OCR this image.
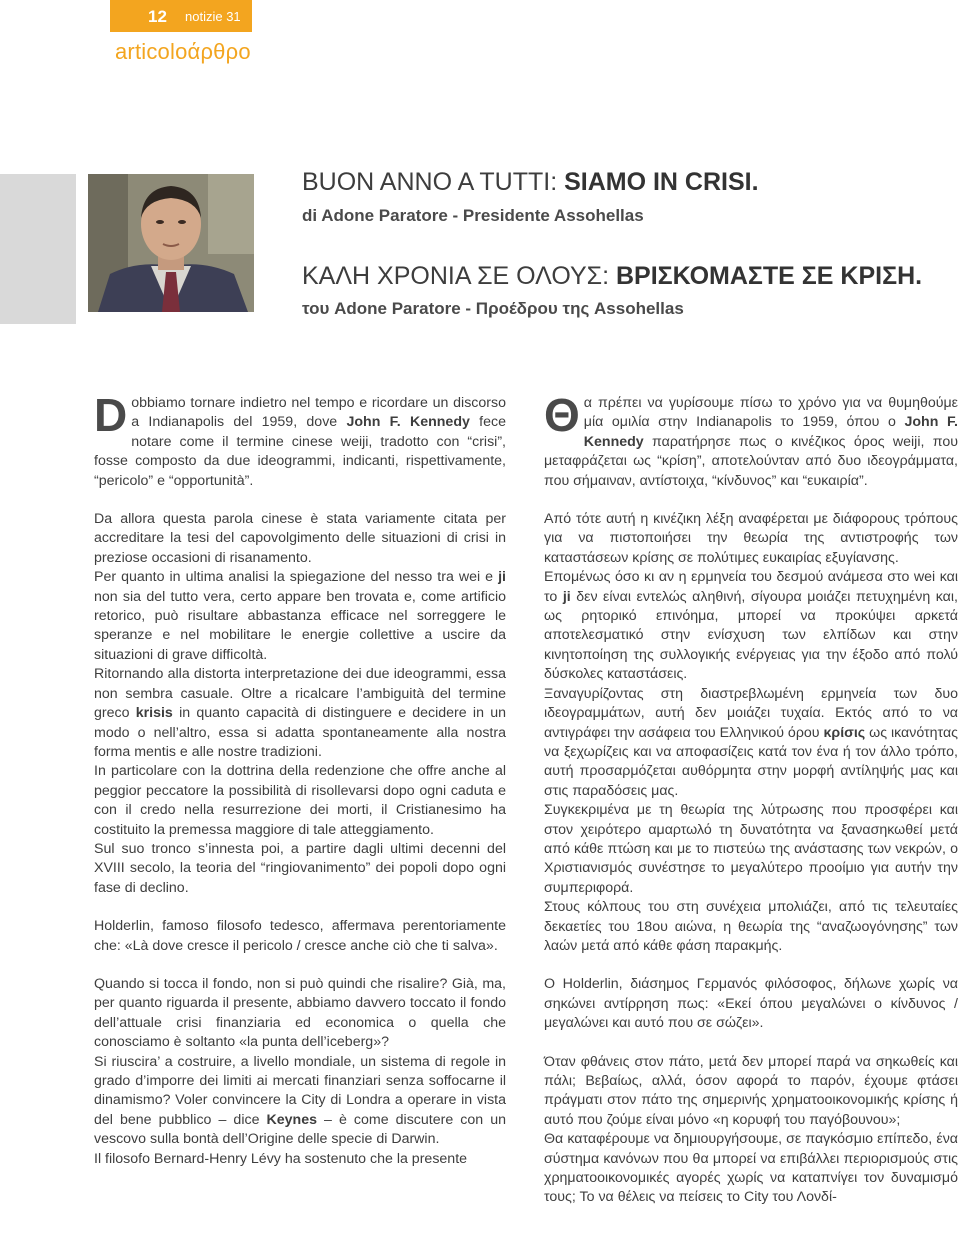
12 notizie 31
articoloάρθρο
BUON ANNO A TUTTI: SIAMO IN CRISI.
di Adone Paratore - Presidente Assohellas
ΚΑΛΗ ΧΡΟΝΙΑ ΣΕ ΟΛΟΥΣ: ΒΡΙΣΚΟΜΑΣΤΕ ΣΕ ΚΡΙΣΗ.
του Adone Paratore - Προέδρου της Assohellas

Dobbiamo tornare indietro nel tempo e ricordare un discorso a Indianapolis del 1959, dove John F. Kennedy fece notare come il termine cinese weiji, tradotto con “crisi”, fosse composto da due ideogrammi, indicanti, rispettivamente, “pericolo” e “opportunità”.

Da allora questa parola cinese è stata variamente citata per accreditare la tesi del capovolgimento delle situazioni di crisi in preziose occasioni di risanamento.

Per quanto in ultima analisi la spiegazione del nesso tra wei e ji non sia del tutto vera, certo appare ben trovata e, come artificio retorico, può risultare abbastanza efficace nel sorreggere le speranze e nel mobilitare le energie collettive a uscire da situazioni di grave difficoltà.

Ritornando alla distorta interpretazione dei due ideogrammi, essa non sembra casuale. Oltre a ricalcare l’ambiguità del termine greco krisis in quanto capacità di distinguere e decidere in un modo o nell’altro, essa si adatta spontaneamente alla nostra forma mentis e alle nostre tradizioni.

In particolare con la dottrina della redenzione che offre anche al peggior peccatore la possibilità di risollevarsi dopo ogni caduta e con il credo nella resurrezione dei morti, il Cristianesimo ha costituito la premessa maggiore di tale atteggiamento.

Sul suo tronco s’innesta poi, a partire dagli ultimi decenni del XVIII secolo, la teoria del “ringiovanimento” dei popoli dopo ogni fase di declino.

Holderlin, famoso filosofo tedesco, affermava perentoriamente che: «Là dove cresce il pericolo / cresce anche ciò che ti salva».

Quando si tocca il fondo, non si può quindi che risalire? Già, ma, per quanto riguarda il presente, abbiamo davvero toccato il fondo dell’attuale crisi finanziaria ed economica o quella che conosciamo è soltanto «la punta dell’iceberg»?

Si riuscira’ a costruire, a livello mondiale, un sistema di regole in grado d’imporre dei limiti ai mercati finanziari senza soffocarne il dinamismo? Voler convincere la City di Londra a operare in vista del bene pubblico – dice Keynes – è come discutere con un vescovo sulla bontà dell’Origine delle specie di Darwin.

Il filosofo Bernard-Henry Lévy ha sostenuto che la presente

Θα πρέπει να γυρίσουμε πίσω το χρόνο για να θυμηθούμε μία ομιλία στην Indianapolis το 1959, όπου ο John F. Kennedy παρατήρησε πως ο κινέζικος όρος weiji, που μεταφράζεται ως “κρίση”, αποτελούνταν από δυο ιδεογράμματα, που σήμαιναν, αντίστοιχα, “κίνδυνος” και “ευκαιρία”.

Από τότε αυτή η κινέζικη λέξη αναφέρεται με διάφορους τρόπους για να πιστοποιήσει την θεωρία της αντιστροφής των καταστάσεων κρίσης σε πολύτιμες ευκαιρίας εξυγίανσης.

Επομένως όσο κι αν η ερμηνεία του δεσμού ανάμεσα στο wei και το ji δεν είναι εντελώς αληθινή, σίγουρα μοιάζει πετυχημένη και, ως ρητορικό επινόημα, μπορεί να προκύψει αρκετά αποτελεσματικό στην ενίσχυση των ελπίδων και στην κινητοποίηση της συλλογικής ενέργειας για την έξοδο από πολύ δύσκολες καταστάσεις.

Ξαναγυρίζοντας στη διαστρεβλωμένη ερμηνεία των δυο ιδεογραμμάτων, αυτή δεν μοιάζει τυχαία. Εκτός από το να αντιγράφει την ασάφεια του Ελληνικού όρου κρίσις ως ικανότητας να ξεχωρίζεις και να αποφασίζεις κατά τον ένα ή τον άλλο τρόπο, αυτή προσαρμόζεται αυθόρμητα στην μορφή αντίληψής μας και στις παραδόσεις μας.

Συγκεκριμένα με τη θεωρία της λύτρωσης που προσφέρει και στον χειρότερο αμαρτωλό τη δυνατότητα να ξανασηκωθεί μετά από κάθε πτώση και με το πιστεύω της ανάστασης των νεκρών, ο Χριστιανισμός συνέστησε το μεγαλύτερο προοίμιο για αυτήν την συμπεριφορά.

Στους κόλπους του στη συνέχεια μπολιάζει, από τις τελευταίες δεκαετίες του 18ου αιώνα, η θεωρία της “αναζωογόνησης” των λαών μετά από κάθε φάση παρακμής.

Ο Holderlin, διάσημος Γερμανός φιλόσοφος, δήλωνε χωρίς να σηκώνει αντίρρηση πως: «Εκεί όπου μεγαλώνει ο κίνδυνος / μεγαλώνει και αυτό που σε σώζει».

Όταν φθάνεις στον πάτο, μετά δεν μπορεί παρά να σηκωθείς και πάλι; Βεβαίως, αλλά, όσον αφορά το παρόν, έχουμε φτάσει πράγματι στον πάτο της σημερινής χρηματοοικονομικής κρίσης ή αυτό που ζούμε είναι μόνο «η κορυφή του παγόβουνου»;

Θα καταφέρουμε να δημιουργήσουμε, σε παγκόσμιο επίπεδο, ένα σύστημα κανόνων που θα μπορεί να επιβάλλει περιορισμούς στις χρηματοοικονομικές αγορές χωρίς να καταπνίγει τον δυναμισμό τους; Το να θέλεις να πείσεις το City του Λονδί-
